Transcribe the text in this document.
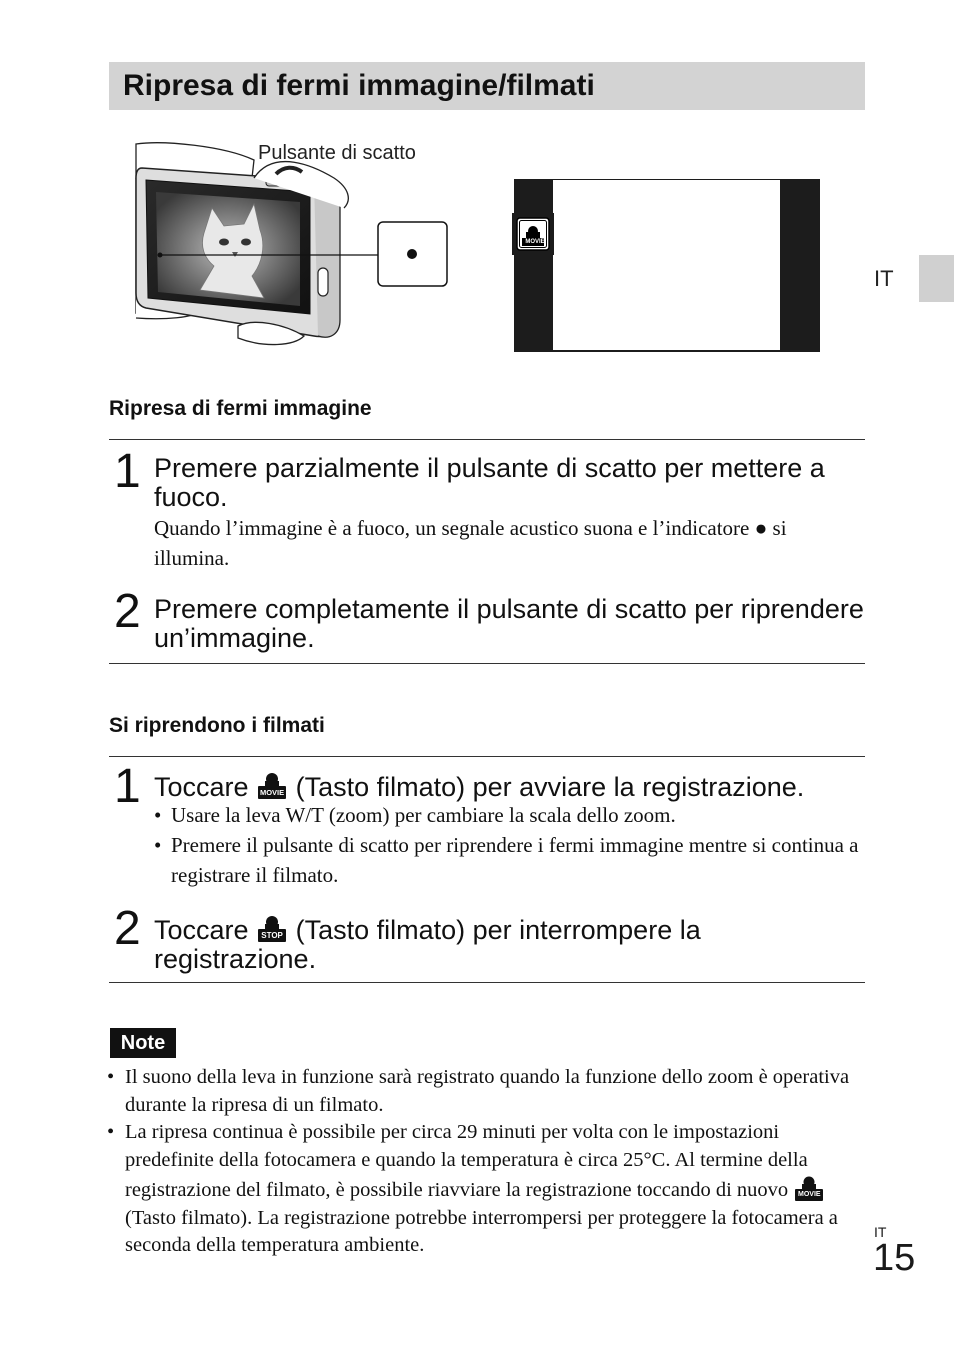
Ripresa di fermi immagine/filmati
IT
Pulsante di scatto
MOVIE
Ripresa di fermi immagine
1 Premere parzialmente il pulsante di scatto per mettere a fuoco.
Quando l’immagine è a fuoco, un segnale acustico suona e l’indicatore ● si illumina.
2 Premere completamente il pulsante di scatto per riprendere un’immagine.
Si riprendono i filmati
1 Toccare	MOVIE (Tasto filmato) per avviare la registrazione.
• Usare la leva W/T (zoom) per cambiare la scala dello zoom.
• Premere il pulsante di scatto per riprendere i fermi immagine mentre si continua a registrare il filmato.
2 Toccare	STOP (Tasto filmato) per interrompere la registrazione.
Note
• Il suono della leva in funzione sarà registrato quando la funzione dello zoom è operativa durante la ripresa di un filmato.
• La ripresa continua è possibile per circa 29 minuti per volta con le impostazioni predefinite della fotocamera e quando la temperatura è circa 25°C. Al termine della registrazione del filmato, è possibile riavviare la registrazione toccando di nuovo	MOVIE
(Tasto filmato). La registrazione potrebbe interrompersi per proteggere la fotocamera a seconda della temperatura ambiente.
IT
15
